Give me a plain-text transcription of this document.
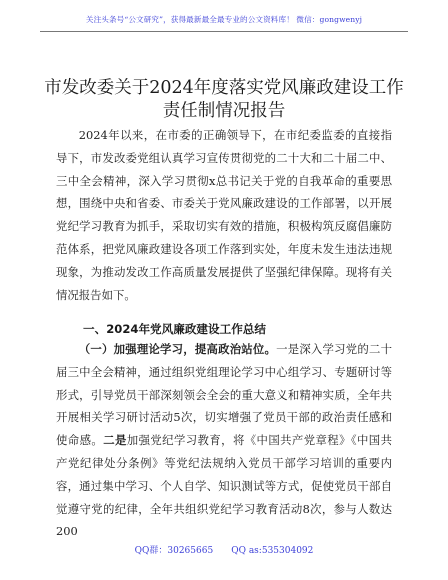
关注头条号“公文研究”，获得最新最全最专业的公文资料库！ 微信：gongwenyj
市发改委关于2024年度落实党风廉政建设工作
责任制情况报告
2024年以来，在市委的正确领导下，在市纪委监委的直接指导下，市发改委党组认真学习宣传贯彻党的二十大和二十届二中、三中全会精神，深入学习贯彻x总书记关于党的自我革命的重要思想，围绕中央和省委、市委关于党风廉政建设的工作部署，以开展党纪学习教育为抓手，采取切实有效的措施，积极构筑反腐倡廉防范体系，把党风廉政建设各项工作落到实处，年度未发生违法违规现象，为推动发改工作高质量发展提供了坚强纪律保障。现将有关情况报告如下。
一、2024年党风廉政建设工作总结
（一）加强理论学习，提高政治站位。一是深入学习党的二十届三中全会精神，通过组织党组理论学习中心组学习、专题研讨等形式，引导党员干部深刻领会全会的重大意义和精神实质，全年共开展相关学习研讨活动5次，切实增强了党员干部的政治责任感和使命感。二是加强党纪学习教育，将《中国共产党章程》《中国共产党纪律处分条例》等党纪法规纳入党员干部学习培训的重要内容，通过集中学习、个人自学、知识测试等方式，促使党员干部自觉遵守党的纪律，全年共组织党纪学习教育活动8次，参与人数达200
QQ群：30265665 QQ as:535304092
